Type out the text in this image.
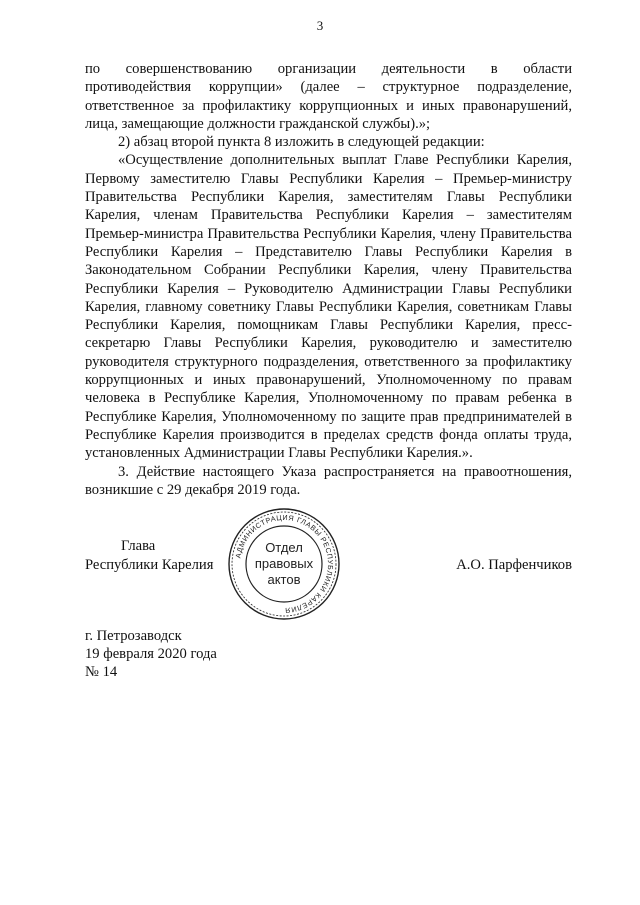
3

по совершенствованию организации деятельности в области противодействия коррупции» (далее – структурное подразделение, ответственное за профилактику коррупционных и иных правонарушений, лица, замещающие должности гражданской службы).»;

2) абзац второй пункта 8 изложить в следующей редакции:

«Осуществление дополнительных выплат Главе Республики Карелия, Первому заместителю Главы Республики Карелия – Премьер-министру Правительства Республики Карелия, заместителям Главы Республики Карелия, членам Правительства Республики Карелия – заместителям Премьер-министра Правительства Республики Карелия, члену Правительства Республики Карелия – Представителю Главы Республики Карелия в Законодательном Собрании Республики Карелия, члену Правительства Республики Карелия – Руководителю Администрации Главы Республики Карелия, главному советнику Главы Республики Карелия, советникам Главы Республики Карелия, помощникам Главы Республики Карелия, пресс-секретарю Главы Республики Карелия, руководителю и заместителю руководителя структурного подразделения, ответственного за профилактику коррупционных и иных правонарушений, Уполномоченному по правам человека в Республике Карелия, Уполномоченному по правам ребенка в Республике Карелия, Уполномоченному по защите прав предпринимателей в Республике Карелия производится в пределах средств фонда оплаты труда, установленных Администрации Главы Республики Карелия.».

3. Действие настоящего Указа распространяется на правоотношения, возникшие с 29 декабря 2019 года.

Глава
Республики Карелия
АДМИНИСТРАЦИЯ ГЛАВЫ РЕСПУБЛИКИ КАРЕЛИЯ
Отдел
правовых
актов
А.О. Парфенчиков
г. Петрозаводск
19 февраля 2020 года
№ 14
